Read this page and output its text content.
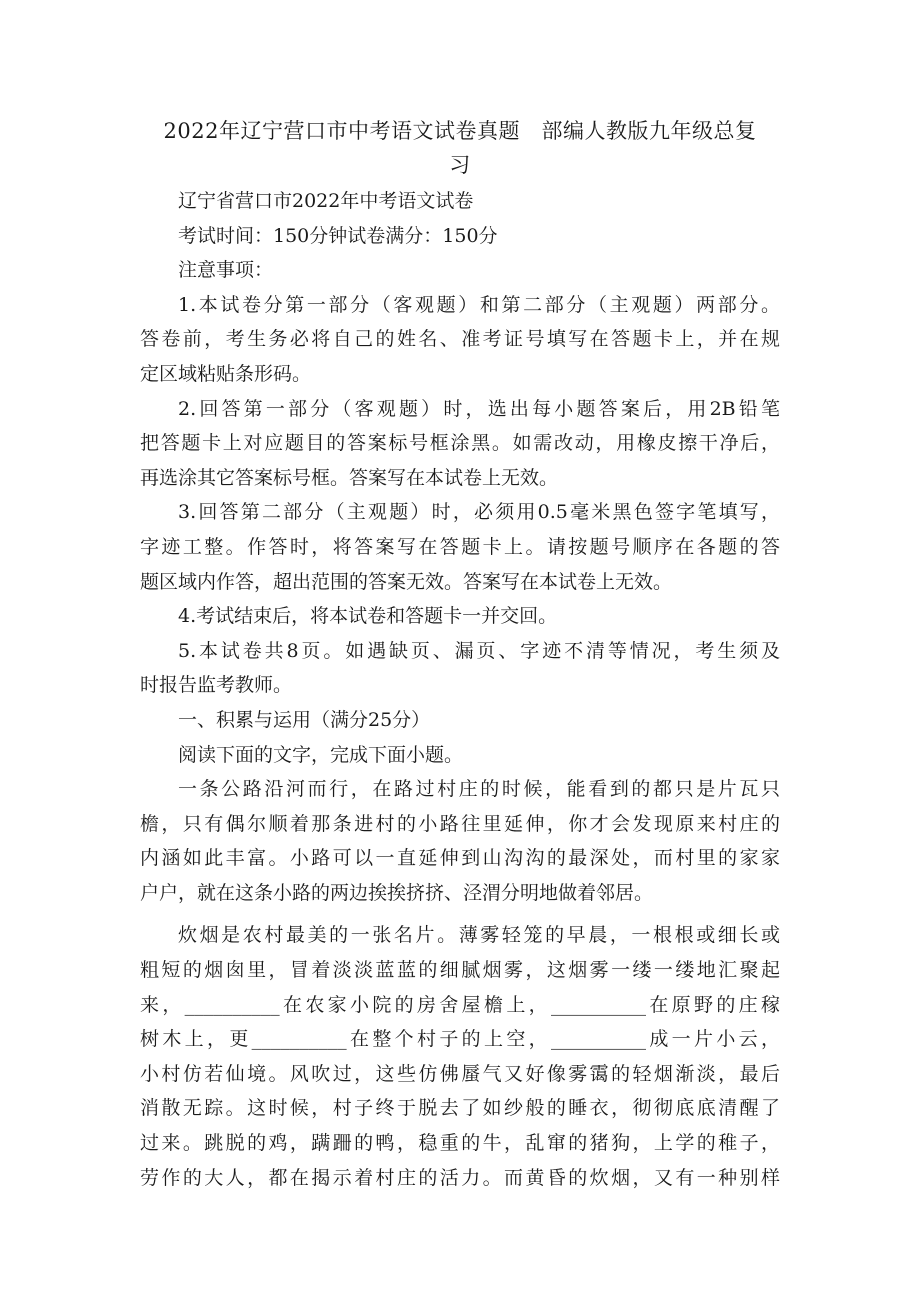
2022年辽宁营口市中考语文试卷真题　部编人教版九年级总复
习
辽宁省营口市2022年中考语文试卷
考试时间：150分钟试卷满分：150分
注意事项：
1.本试卷分第一部分（客观题）和第二部分（主观题）两部分。
答卷前，考生务必将自己的姓名、准考证号填写在答题卡上，并在规
定区域粘贴条形码。
2.回答第一部分（客观题）时，选出每小题答案后，用2B铅笔
把答题卡上对应题目的答案标号框涂黑。如需改动，用橡皮擦干净后，
再选涂其它答案标号框。答案写在本试卷上无效。
3.回答第二部分（主观题）时，必须用0.5毫米黑色签字笔填写，
字迹工整。作答时，将答案写在答题卡上。请按题号顺序在各题的答
题区域内作答，超出范围的答案无效。答案写在本试卷上无效。
4.考试结束后，将本试卷和答题卡一并交回。
5.本试卷共8页。如遇缺页、漏页、字迹不清等情况，考生须及
时报告监考教师。
一、积累与运用（满分25分）
阅读下面的文字，完成下面小题。
一条公路沿河而行，在路过村庄的时候，能看到的都只是片瓦只
檐，只有偶尔顺着那条进村的小路往里延伸，你才会发现原来村庄的
内涵如此丰富。小路可以一直延伸到山沟沟的最深处，而村里的家家
户户，就在这条小路的两边挨挨挤挤、泾渭分明地做着邻居。
炊烟是农村最美的一张名片。薄雾轻笼的早晨，一根根或细长或
粗短的烟囱里，冒着淡淡蓝蓝的细腻烟雾，这烟雾一缕一缕地汇聚起
来，__________在农家小院的房舍屋檐上，__________在原野的庄稼
树木上，更__________在整个村子的上空，__________成一片小云，
小村仿若仙境。风吹过，这些仿佛蜃气又好像雾霭的轻烟渐淡，最后
消散无踪。这时候，村子终于脱去了如纱般的睡衣，彻彻底底清醒了
过来。跳脱的鸡，蹒跚的鸭，稳重的牛，乱窜的猪狗，上学的稚子，
劳作的大人，都在揭示着村庄的活力。而黄昏的炊烟，又有一种别样
